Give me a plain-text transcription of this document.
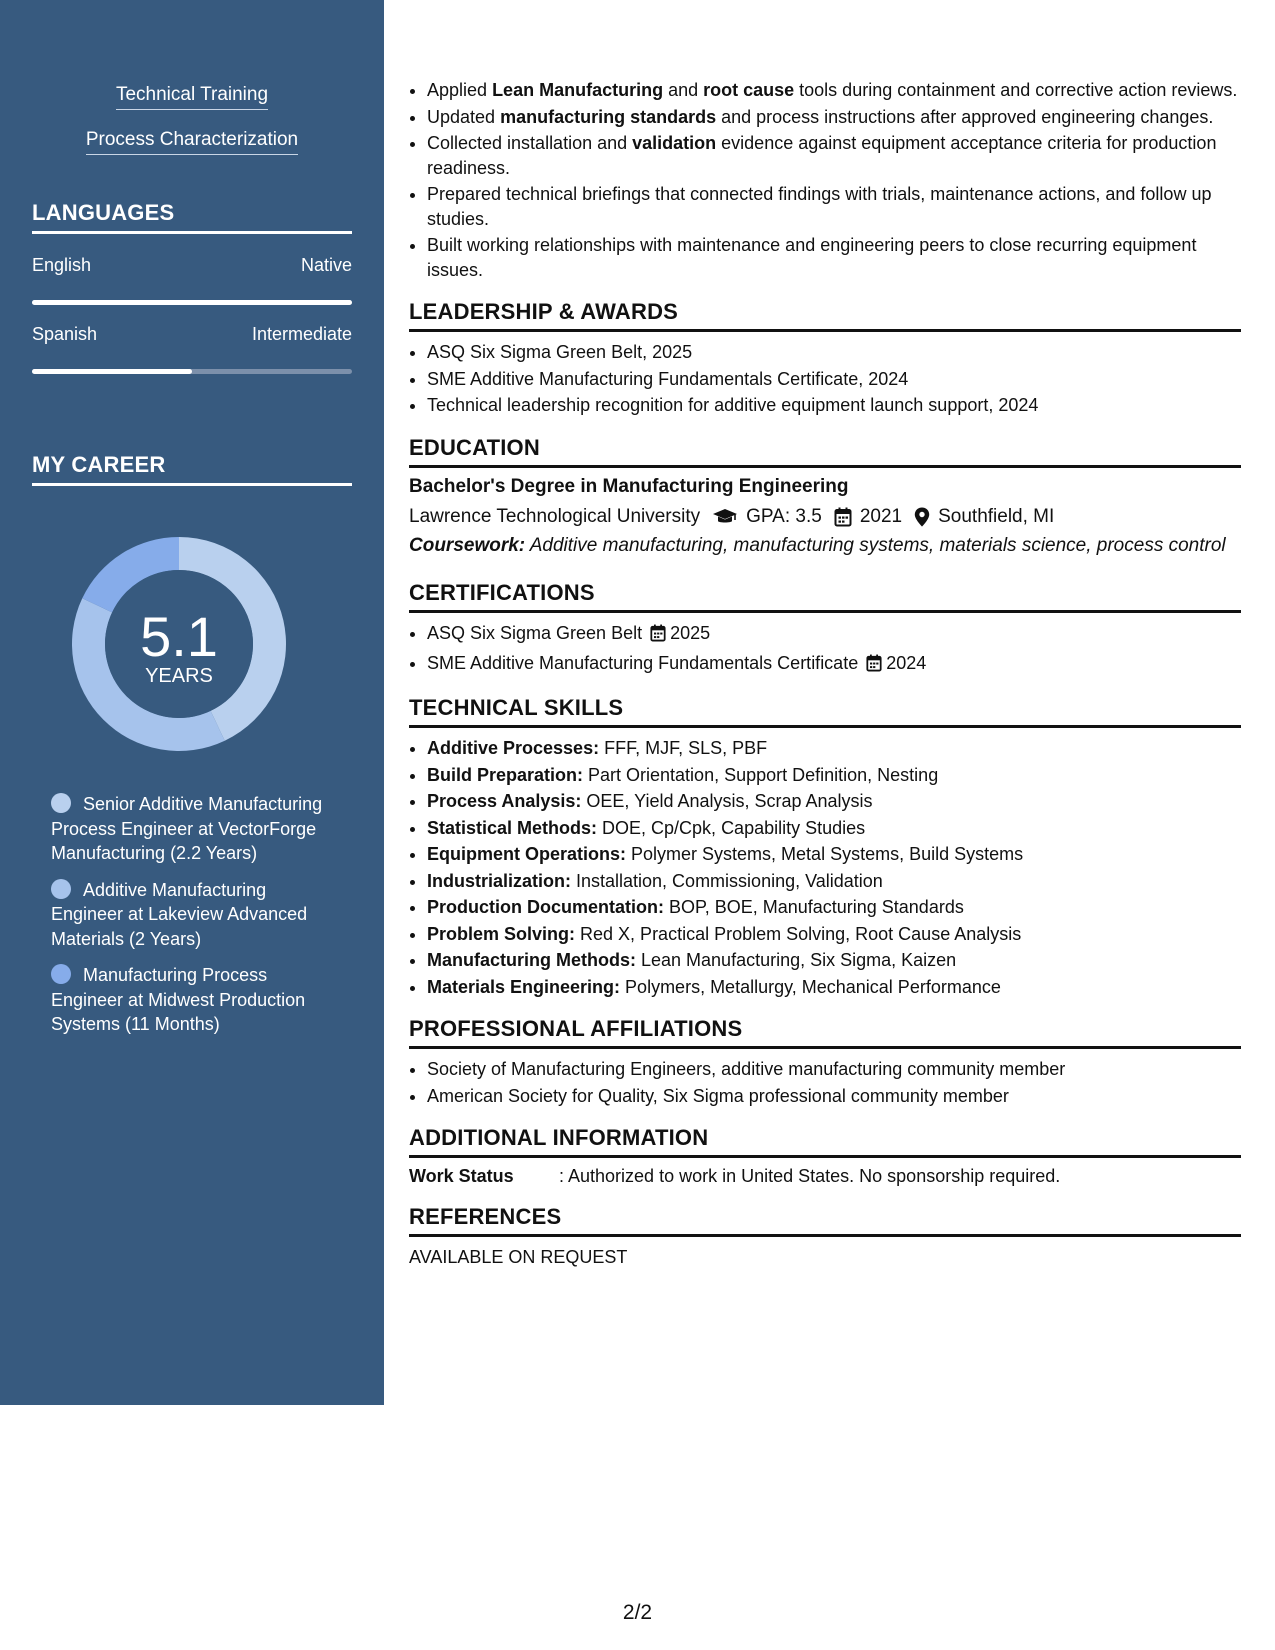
Technical Training
Process Characterization
LANGUAGES
English	Native
Spanish	Intermediate
MY CAREER
5.1
YEARS
Senior Additive Manufacturing Process Engineer at VectorForge Manufacturing (2.2 Years)
Additive Manufacturing Engineer at Lakeview Advanced Materials (2 Years)
Manufacturing Process Engineer at Midwest Production Systems (11 Months)
• Applied Lean Manufacturing and root cause tools during containment and corrective action reviews.
• Updated manufacturing standards and process instructions after approved engineering changes.
• Collected installation and validation evidence against equipment acceptance criteria for production readiness.
• Prepared technical briefings that connected findings with trials, maintenance actions, and follow up studies.
• Built working relationships with maintenance and engineering peers to close recurring equipment issues.
LEADERSHIP & AWARDS
• ASQ Six Sigma Green Belt, 2025
• SME Additive Manufacturing Fundamentals Certificate, 2024
• Technical leadership recognition for additive equipment launch support, 2024
EDUCATION
Bachelor's Degree in Manufacturing Engineering
Lawrence Technological University GPA: 3.5 2021 Southfield, MI
Coursework: Additive manufacturing, manufacturing systems, materials science, process control
CERTIFICATIONS
• ASQ Six Sigma Green Belt 2025
• SME Additive Manufacturing Fundamentals Certificate 2024
TECHNICAL SKILLS
• Additive Processes: FFF, MJF, SLS, PBF
• Build Preparation: Part Orientation, Support Definition, Nesting
• Process Analysis: OEE, Yield Analysis, Scrap Analysis
• Statistical Methods: DOE, Cp/Cpk, Capability Studies
• Equipment Operations: Polymer Systems, Metal Systems, Build Systems
• Industrialization: Installation, Commissioning, Validation
• Production Documentation: BOP, BOE, Manufacturing Standards
• Problem Solving: Red X, Practical Problem Solving, Root Cause Analysis
• Manufacturing Methods: Lean Manufacturing, Six Sigma, Kaizen
• Materials Engineering: Polymers, Metallurgy, Mechanical Performance
PROFESSIONAL AFFILIATIONS
• Society of Manufacturing Engineers, additive manufacturing community member
• American Society for Quality, Six Sigma professional community member
ADDITIONAL INFORMATION
Work Status	: Authorized to work in United States. No sponsorship required.
REFERENCES
AVAILABLE ON REQUEST
2/2
